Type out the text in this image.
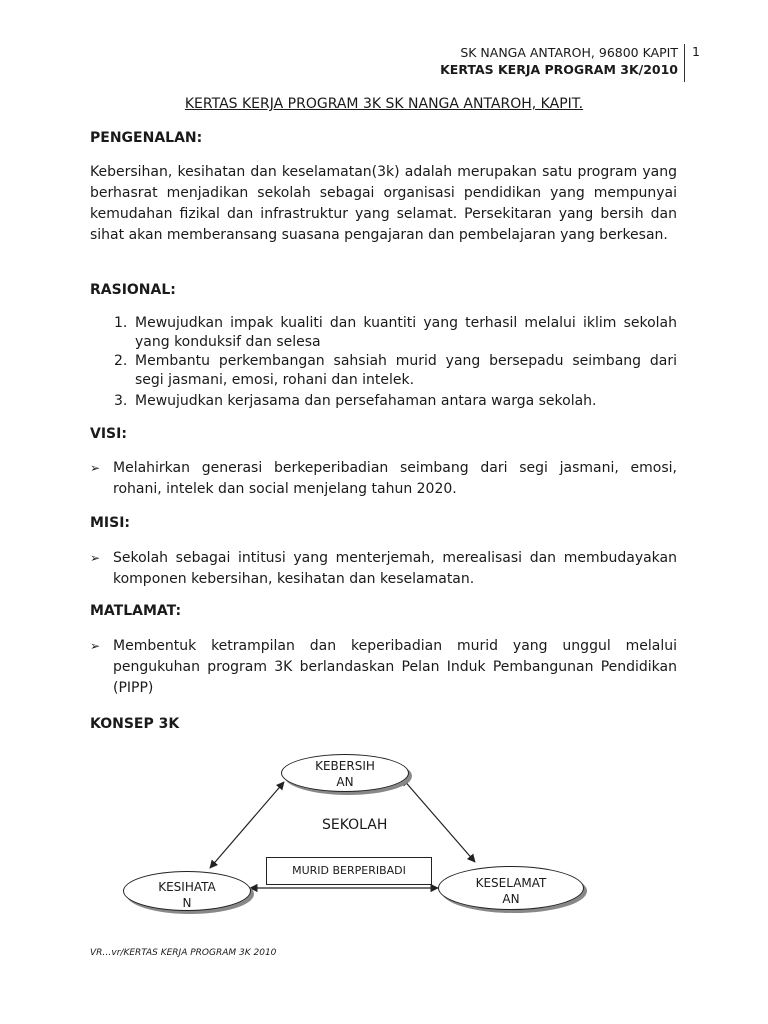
SK NANGA ANTAROH, 96800 KAPIT
KERTAS KERJA PROGRAM 3K/2010
1
KERTAS KERJA PROGRAM 3K SK NANGA ANTAROH, KAPIT.
PENGENALAN:
Kebersihan, kesihatan dan keselamatan(3k) adalah merupakan satu program yang berhasrat menjadikan sekolah sebagai organisasi pendidikan yang mempunyai kemudahan fizikal dan infrastruktur yang selamat. Persekitaran yang bersih dan sihat akan memberansang suasana pengajaran dan pembelajaran yang berkesan.
RASIONAL:
1. Mewujudkan impak kualiti dan kuantiti yang terhasil melalui iklim sekolah yang konduksif dan selesa
2. Membantu perkembangan sahsiah murid yang bersepadu seimbang dari segi jasmani, emosi, rohani dan intelek.
3. Mewujudkan kerjasama dan persefahaman antara warga sekolah.
VISI:
➢ Melahirkan generasi berkeperibadian seimbang dari segi jasmani, emosi, rohani, intelek dan social menjelang tahun 2020.
MISI:
➢ Sekolah sebagai intitusi yang menterjemah, merealisasi dan membudayakan komponen kebersihan, kesihatan dan keselamatan.
MATLAMAT:
➢ Membentuk ketrampilan dan keperibadian murid yang unggul melalui pengukuhan program 3K berlandaskan Pelan Induk Pembangunan Pendidikan (PIPP)
KONSEP 3K
KEBERSIH
AN
SEKOLAH
MURID BERPERIBADI
KESIHATA
N
KESELAMAT
AN
VR…vr/KERTAS KERJA PROGRAM 3K 2010
